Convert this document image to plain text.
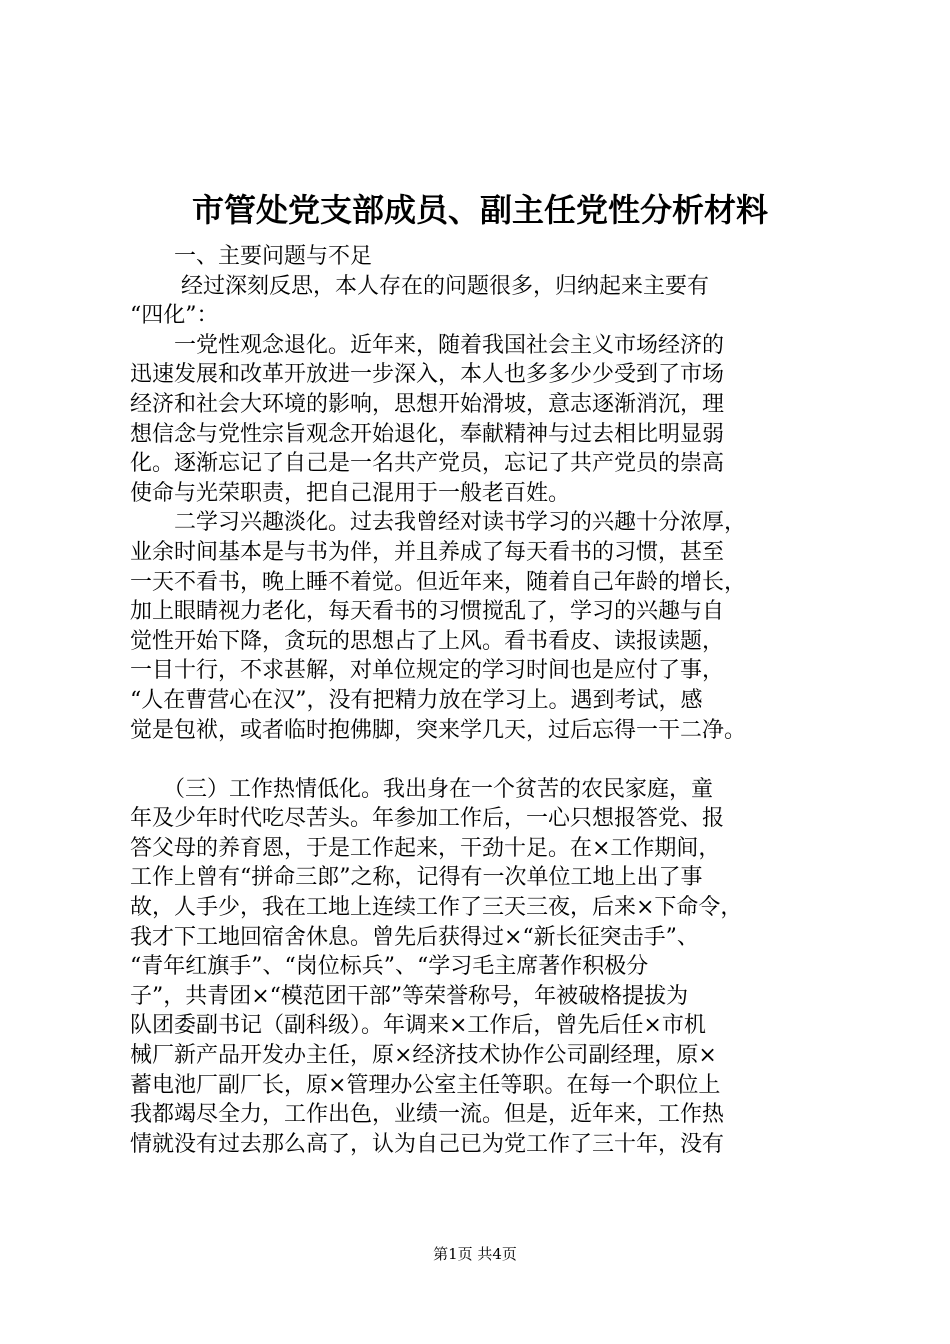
市管处党支部成员、副主任党性分析材料

　　一、主要问题与不足

　　 经过深刻反思，本人存在的问题很多，归纳起来主要有

“四化”：

　　一党性观念退化。近年来，随着我国社会主义市场经济的

迅速发展和改革开放进一步深入，本人也多多少少受到了市场

经济和社会大环境的影响，思想开始滑坡，意志逐渐消沉，理

想信念与党性宗旨观念开始退化，奉献精神与过去相比明显弱

化。逐渐忘记了自己是一名共产党员，忘记了共产党员的崇高

使命与光荣职责，把自己混用于一般老百姓。

　　二学习兴趣淡化。过去我曾经对读书学习的兴趣十分浓厚，

业余时间基本是与书为伴，并且养成了每天看书的习惯，甚至

一天不看书，晚上睡不着觉。但近年来，随着自己年龄的增长，

加上眼睛视力老化，每天看书的习惯搅乱了，学习的兴趣与自

觉性开始下降，贪玩的思想占了上风。看书看皮、读报读题，

一目十行，不求甚解，对单位规定的学习时间也是应付了事，

“人在曹营心在汉”，没有把精力放在学习上。遇到考试，感

觉是包袱，或者临时抱佛脚，突来学几天，过后忘得一干二净。

　　（三）工作热情低化。我出身在一个贫苦的农民家庭，童

年及少年时代吃尽苦头。年参加工作后，一心只想报答党、报

答父母的养育恩，于是工作起来，干劲十足。在×工作期间，

工作上曾有“拼命三郎”之称，记得有一次单位工地上出了事

故，人手少，我在工地上连续工作了三天三夜，后来×下命令，

我才下工地回宿舍休息。曾先后获得过×“新长征突击手”、

“青年红旗手”、“岗位标兵”、“学习毛主席著作积极分

子”，共青团×“模范团干部”等荣誉称号，年被破格提拔为

队团委副书记（副科级）。年调来×工作后，曾先后任×市机

械厂新产品开发办主任，原×经济技术协作公司副经理，原×

蓄电池厂副厂长，原×管理办公室主任等职。在每一个职位上

我都竭尽全力，工作出色，业绩一流。但是，近年来，工作热

情就没有过去那么高了，认为自己已为党工作了三十年，没有

第1页 共4页
